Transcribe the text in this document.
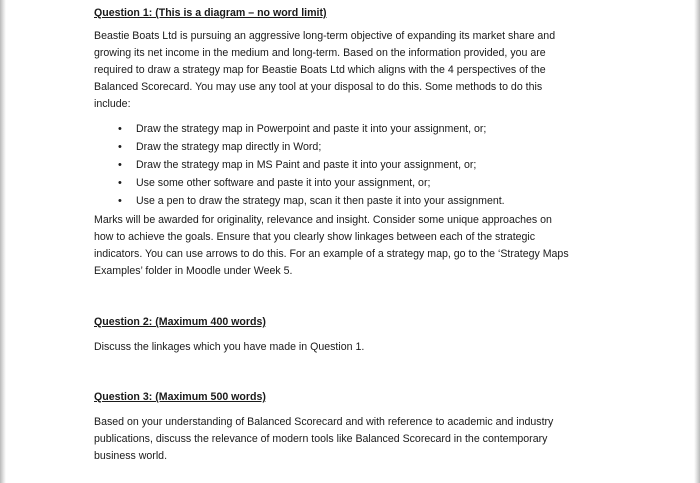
Question 1: (This is a diagram – no word limit)

Beastie Boats Ltd is pursuing an aggressive long-term objective of expanding its market share and
growing its net income in the medium and long-term. Based on the information provided, you are
required to draw a strategy map for Beastie Boats Ltd which aligns with the 4 perspectives of the
Balanced Scorecard. You may use any tool at your disposal to do this. Some methods to do this
include:
• Draw the strategy map in Powerpoint and paste it into your assignment, or;
• Draw the strategy map directly in Word;
• Draw the strategy map in MS Paint and paste it into your assignment, or;
• Use some other software and paste it into your assignment, or;
• Use a pen to draw the strategy map, scan it then paste it into your assignment.
Marks will be awarded for originality, relevance and insight. Consider some unique approaches on
how to achieve the goals. Ensure that you clearly show linkages between each of the strategic
indicators. You can use arrows to do this. For an example of a strategy map, go to the ‘Strategy Maps
Examples’ folder in Moodle under Week 5.

Question 2: (Maximum 400 words)

Discuss the linkages which you have made in Question 1.

Question 3: (Maximum 500 words)

Based on your understanding of Balanced Scorecard and with reference to academic and industry
publications, discuss the relevance of modern tools like Balanced Scorecard in the contemporary
business world.
